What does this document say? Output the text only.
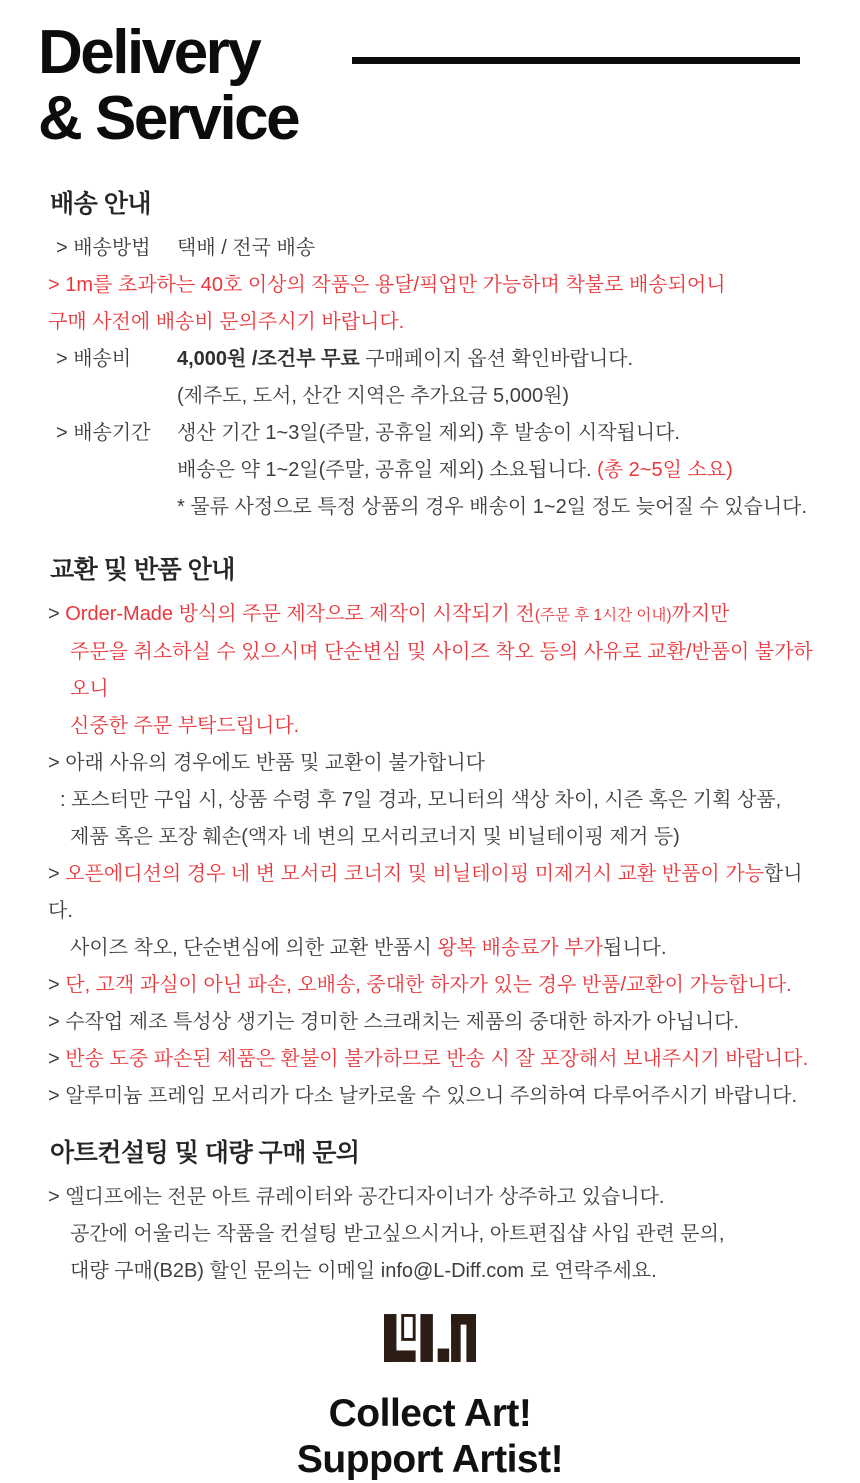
Delivery
& Service
배송 안내
> 배송방법	택배 / 전국 배송
> 1m를 초과하는 40호 이상의 작품은 용달/픽업만 가능하며 착불로 배송되어니
구매 사전에 배송비 문의주시기 바랍니다.
> 배송비	4,000원 /조건부 무료 구매페이지 옵션 확인바랍니다.
(제주도, 도서, 산간 지역은 추가요금 5,000원)
> 배송기간	생산 기간 1~3일(주말, 공휴일 제외) 후 발송이 시작됩니다.
배송은 약 1~2일(주말, 공휴일 제외) 소요됩니다. (총 2~5일 소요)
* 물류 사정으로 특정 상품의 경우 배송이 1~2일 정도 늦어질 수 있습니다.
교환 및 반품 안내
> Order-Made 방식의 주문 제작으로 제작이 시작되기 전(주문 후 1시간 이내)까지만
주문을 취소하실 수 있으시며 단순변심 및 사이즈 착오 등의 사유로 교환/반품이 불가하오니
신중한 주문 부탁드립니다.
> 아래 사유의 경우에도 반품 및 교환이 불가합니다
: 포스터만 구입 시, 상품 수령 후 7일 경과, 모니터의 색상 차이, 시즌 혹은 기획 상품,
제품 혹은 포장 훼손(액자 네 변의 모서리코너지 및 비닐테이핑 제거 등)
> 오픈에디션의 경우 네 변 모서리 코너지 및 비닐테이핑 미제거시 교환 반품이 가능합니다.
사이즈 착오, 단순변심에 의한 교환 반품시 왕복 배송료가 부가됩니다.
> 단, 고객 과실이 아닌 파손, 오배송, 중대한 하자가 있는 경우 반품/교환이 가능합니다.
> 수작업 제조 특성상 생기는 경미한 스크래치는 제품의 중대한 하자가 아닙니다.
> 반송 도중 파손된 제품은 환불이 불가하므로 반송 시 잘 포장해서 보내주시기 바랍니다.
> 알루미늄 프레임 모서리가 다소 날카로울 수 있으니 주의하여 다루어주시기 바랍니다.
아트컨설팅 및 대량 구매 문의
> 엘디프에는 전문 아트 큐레이터와 공간디자이너가 상주하고 있습니다.
공간에 어울리는 작품을 컨설팅 받고싶으시거나, 아트편집샵 사입 관련 문의,
대량 구매(B2B) 할인 문의는 이메일 info@L-Diff.com 로 연락주세요.
Collect Art!
Support Artist!
